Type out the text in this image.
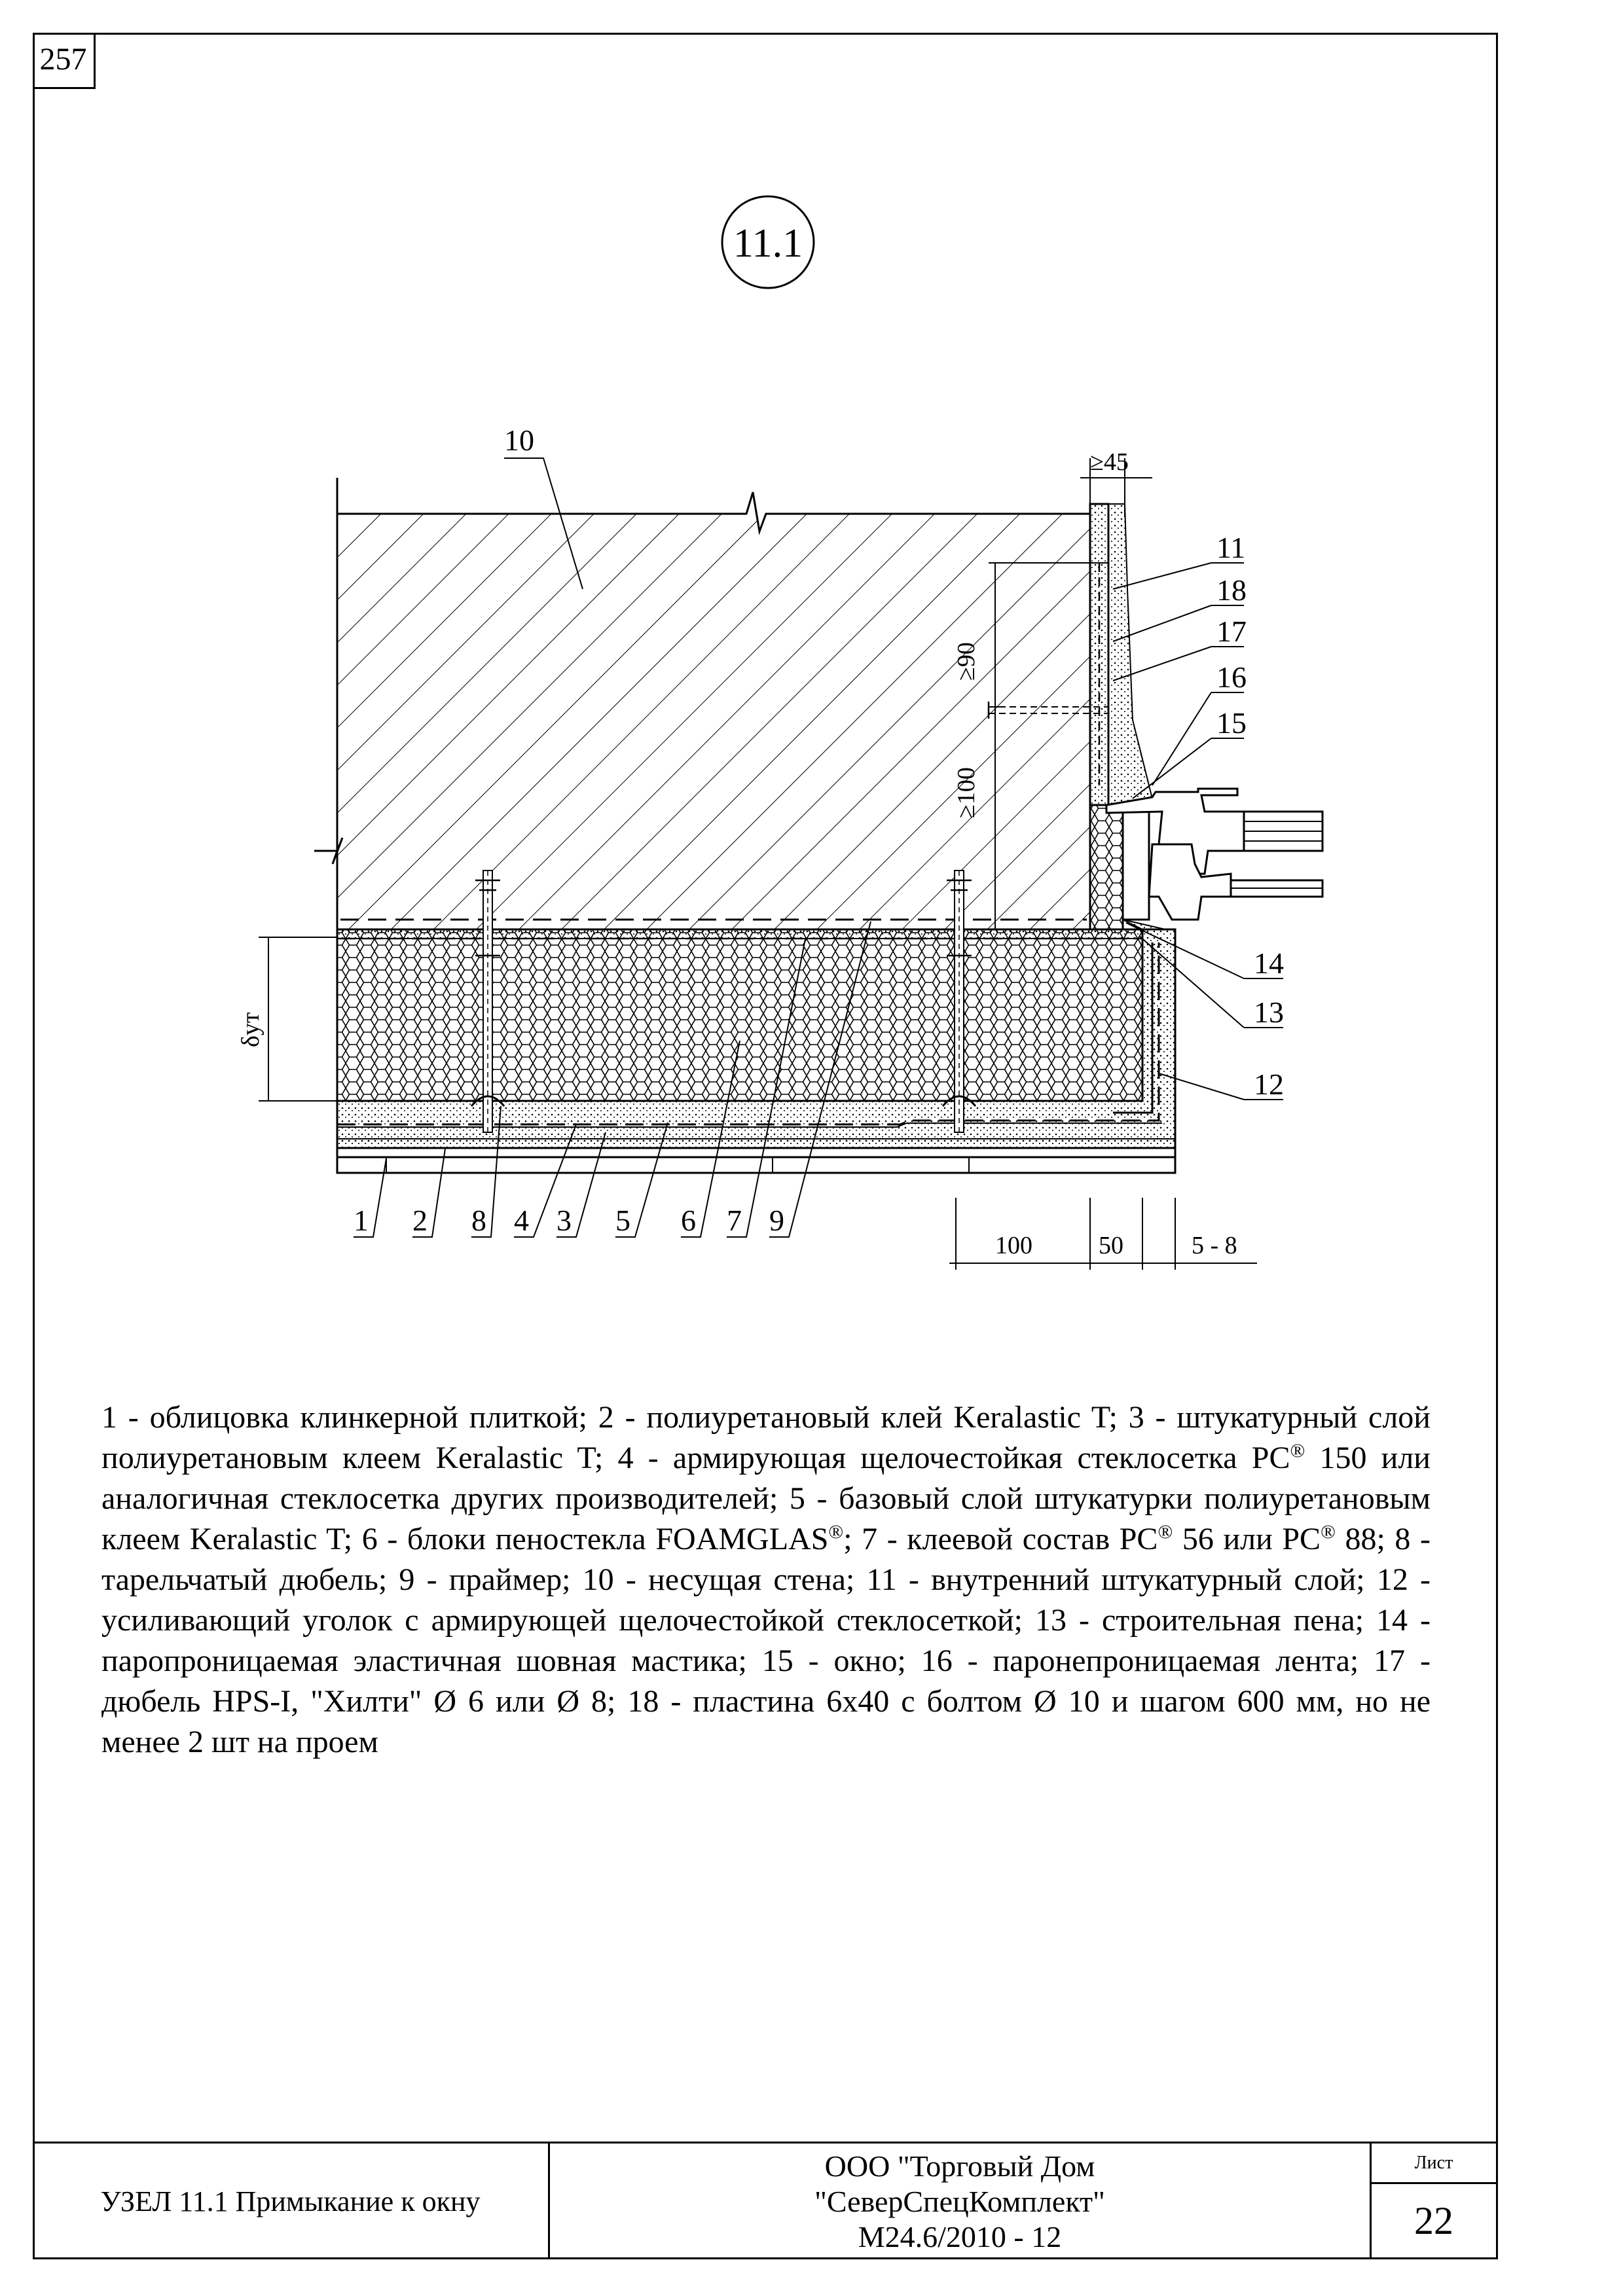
257
11.1
≥45
≥90
≥100
δут
100	50	5 - 8
10
11
18
17
16
15
14
13
12
1 2 8 4 3 5 6 7 9
1 - облицовка клинкерной плиткой; 2 - полиуретановый клей Keralastic T; 3 - штукатурный слой полиуретановым клеем Keralastic T; 4 - армирующая щелочестойкая стеклосетка PC® 150 или аналогичная стеклосетка других производителей; 5 - базовый слой штукатурки полиуретановым клеем Keralastic T; 6 - блоки пеностекла FOAMGLAS®; 7 - клеевой состав PC® 56 или PC® 88; 8 - тарельчатый дюбель; 9 - праймер; 10 - несущая стена; 11 - внутренний штукатурный слой; 12 - усиливающий уголок с армирующей щелочестойкой стеклосеткой; 13 - строительная пена; 14 - паропроницаемая эластичная шовная мастика; 15 - окно; 16 - паронепроницаемая лента; 17 - дюбель HPS-I, "Хилти" Ø 6 или Ø 8; 18 - пластина 6x40 с болтом Ø 10 и шагом 600 мм, но не менее 2 шт на проем
УЗЕЛ 11.1 Примыкание к окну
ООО "Торговый Дом
"СеверСпецКомплект"
М24.6/2010 - 12
Лист
22
